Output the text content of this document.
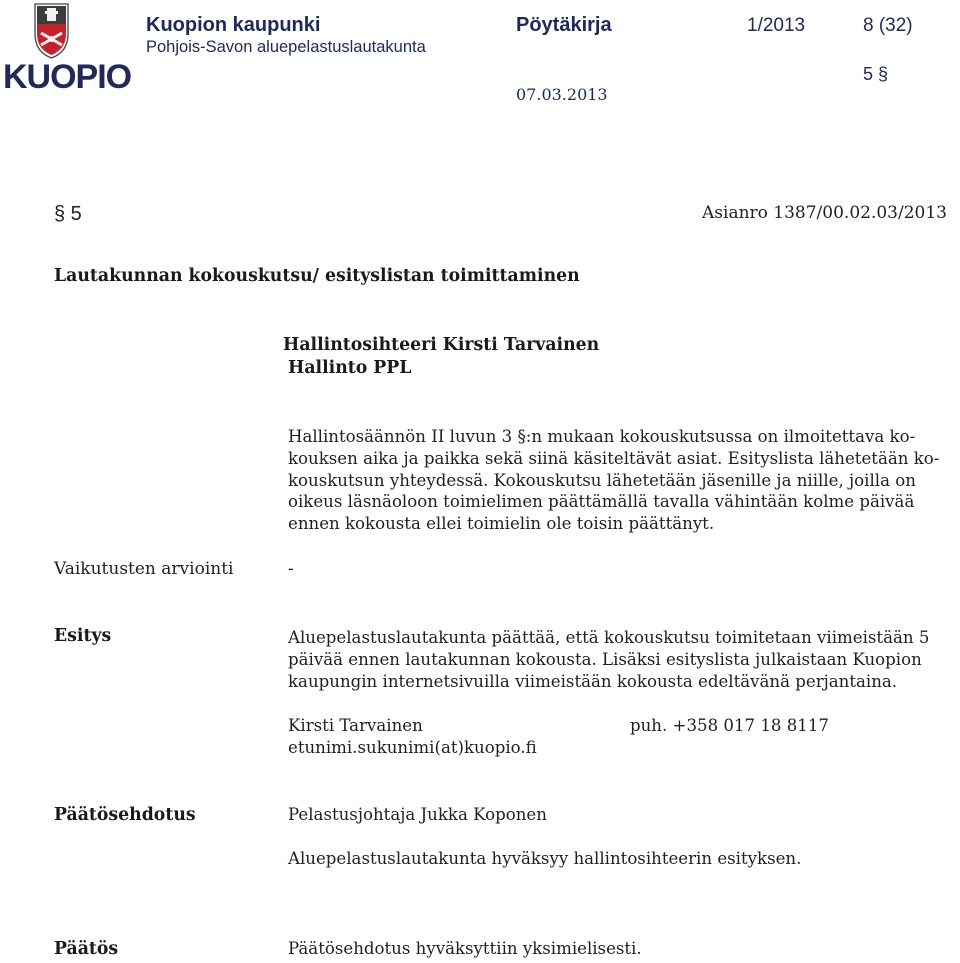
KUOPIO
Kuopion kaupunki
Pohjois-Savon aluepelastuslautakunta
Pöytäkirja	1/2013	8 (32)
5 §
07.03.2013
§ 5	Asianro 1387/00.02.03/2013
Lautakunnan kokouskutsu/ esityslistan toimittaminen
Hallintosihteeri Kirsti Tarvainen
Hallinto PPL
Hallintosäännön II luvun 3 §:n mukaan kokouskutsussa on ilmoitettava ko-
kouksen aika ja paikka sekä siinä käsiteltävät asiat. Esityslista lähetetään ko-
kouskutsun yhteydessä. Kokouskutsu lähetetään jäsenille ja niille, joilla on
oikeus läsnäoloon toimielimen päättämällä tavalla vähintään kolme päivää
ennen kokousta ellei toimielin ole toisin päättänyt.
Vaikutusten arviointi	-
Esitys	Aluepelastuslautakunta päättää, että kokouskutsu toimitetaan viimeistään 5
päivää ennen lautakunnan kokousta. Lisäksi esityslista julkaistaan Kuopion
kaupungin internetsivuilla viimeistään kokousta edeltävänä perjantaina.
Kirsti Tarvainen	puh. +358 017 18 8117
etunimi.sukunimi(at)kuopio.fi
Päätösehdotus	Pelastusjohtaja Jukka Koponen
Aluepelastuslautakunta hyväksyy hallintosihteerin esityksen.
Päätös	Päätösehdotus hyväksyttiin yksimielisesti.
